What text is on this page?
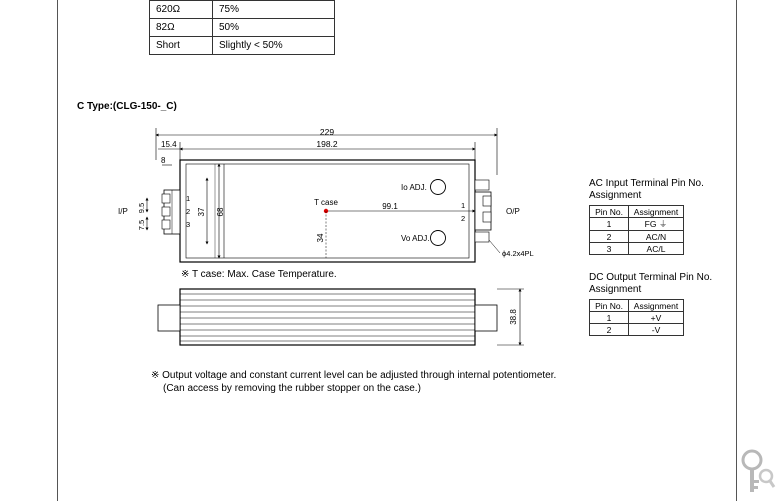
620Ω	75%
82Ω	50%
Short	Slightly < 50%
C Type:(CLG-150-_C)
229
198.2
15.4
8
1
2
3
I/P 9.5
7.5
37 68
T case
34
99.1
Io ADJ.
Vo ADJ.
1
2
O/P
ϕ4.2x4PL
38.8
※ T case: Max. Case Temperature.
※ Output voltage and constant current level can be adjusted through internal potentiometer.
(Can access by removing the rubber stopper on the case.)
AC Input Terminal Pin No.
Assignment
Pin No.	Assignment
1	FG ⏚
2	AC/N
3	AC/L
DC Output Terminal Pin No.
Assignment
Pin No.	Assignment
1	+V
2	-V
